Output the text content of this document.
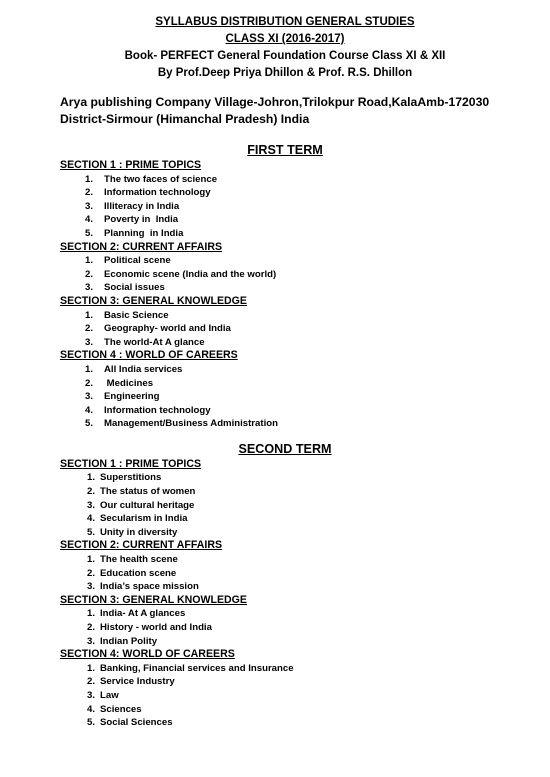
SYLLABUS DISTRIBUTION GENERAL STUDIES
CLASS XI (2016-2017)
Book- PERFECT General Foundation Course Class XI & XII
By Prof.Deep Priya Dhillon & Prof. R.S. Dhillon
Arya publishing Company Village-Johron,Trilokpur Road,KalaAmb-172030
District-Sirmour (Himanchal Pradesh) India
FIRST TERM
SECTION 1 : PRIME TOPICS
1.	The two faces of science
2.	Information technology
3.	Illiteracy in India
4.	Poverty in  India
5.	Planning  in India
SECTION 2: CURRENT AFFAIRS
1.	Political scene
2.	Economic scene (India and the world)
3.	Social issues
SECTION 3: GENERAL KNOWLEDGE
1.	Basic Science
2.	Geography- world and India
3.	The world-At A glance
SECTION 4 : WORLD OF CAREERS
1.	All India services
2.	Medicines
3.	Engineering
4.	Information technology
5.	Management/Business Administration
SECOND TERM
SECTION 1 : PRIME TOPICS
1. Superstitions
2. The status of women
3. Our cultural heritage
4. Secularism in India
5. Unity in diversity
SECTION 2: CURRENT AFFAIRS
1. The health scene
2. Education scene
3. India’s space mission
SECTION 3: GENERAL KNOWLEDGE
1. India- At A glances
2. History - world and India
3. Indian Polity
SECTION 4: WORLD OF CAREERS
1. Banking, Financial services and Insurance
2. Service Industry
3. Law
4. Sciences
5. Social Sciences
